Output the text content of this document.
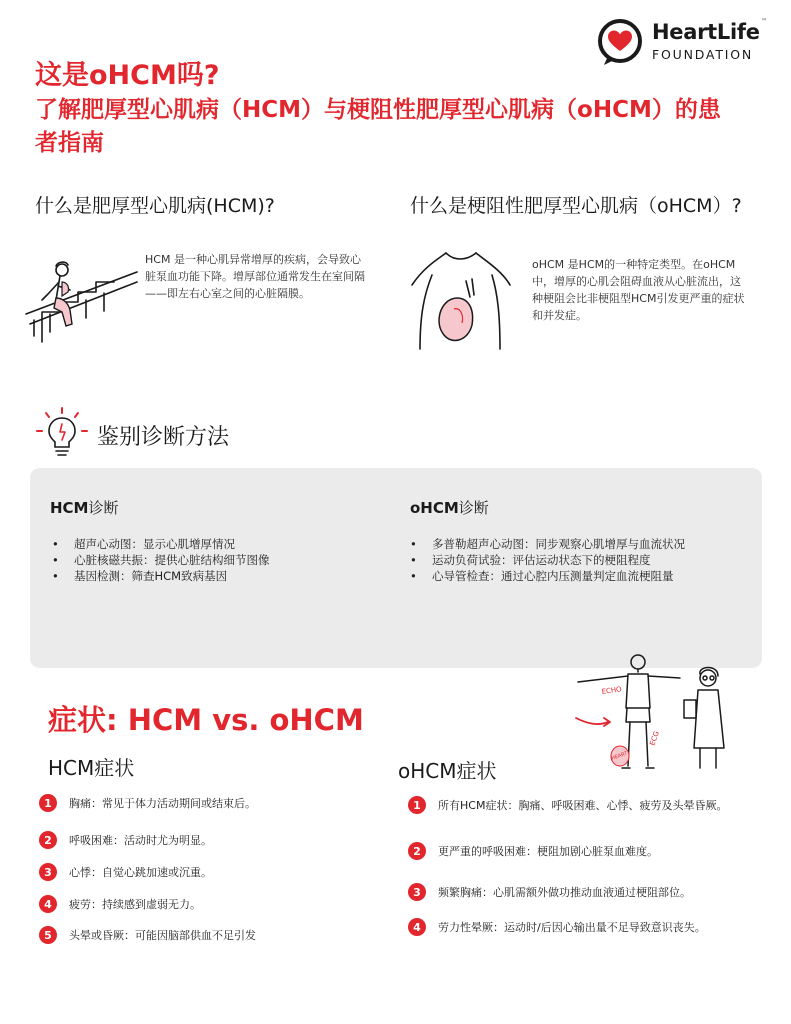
HeartLife ™
FOUNDATION
这是oHCM吗?
了解肥厚型心肌病（HCM）与梗阻性肥厚型心肌病（oHCM）的患者指南
什么是肥厚型心肌病(HCM)?	什么是梗阻性肥厚型心肌病（oHCM）?
HCM 是一种心肌异常增厚的疾病，会导致心脏泵血功能下降。增厚部位通常发生在室间隔——即左右心室之间的心脏隔膜。
oHCM 是HCM的一种特定类型。在oHCM中，增厚的心肌会阻碍血液从心脏流出，这种梗阻会比非梗阻型HCM引发更严重的症状和并发症。
鉴别诊断方法
HCM诊断	oHCM诊断
• 超声心动图：显示心肌增厚情况
• 心脏核磁共振：提供心脏结构细节图像
• 基因检测：筛查HCM致病基因
• 多普勒超声心动图：同步观察心肌增厚与血流状况
• 运动负荷试验：评估运动状态下的梗阻程度
• 心导管检查：通过心腔内压测量判定血流梗阻量
症状: HCM vs. oHCM
ECHO
ECG
HEART
HCM症状	oHCM症状
1	胸痛：常见于体力活动期间或结束后。
2	呼吸困难：活动时尤为明显。
3	心悸：自觉心跳加速或沉重。
4	疲劳：持续感到虚弱无力。
5	头晕或昏厥：可能因脑部供血不足引发
1	所有HCM症状：胸痛、呼吸困难、心悸、疲劳及头晕昏厥。
2	更严重的呼吸困难：梗阻加剧心脏泵血难度。
3	频繁胸痛：心肌需额外做功推动血液通过梗阻部位。
4	劳力性晕厥：运动时/后因心输出量不足导致意识丧失。
